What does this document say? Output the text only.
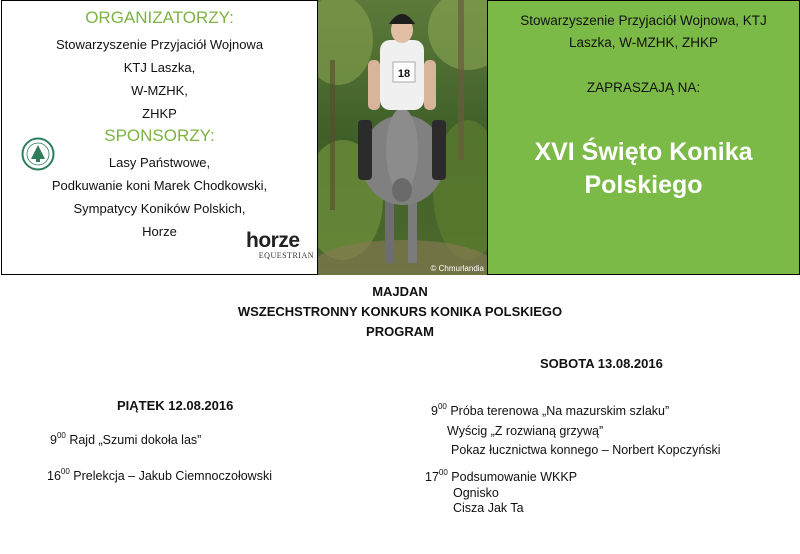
ORGANIZATORZY:
Stowarzyszenie Przyjaciół Wojnowa
KTJ Laszka,
W-MZHK,
ZHKP
SPONSORZY:
Lasy Państwowe,
Podkuwanie koni Marek Chodkowski,
Sympatycy Koników Polskich,
Horze	horze
EQUESTRIAN
18
© Chmurlandia
Stowarzyszenie Przyjaciół Wojnowa, KTJ
Laszka, W-MZHK, ZHKP
ZAPRASZAJĄ NA:
XVI Święto Konika
Polskiego
MAJDAN
WSZECHSTRONNY KONKURS KONIKA POLSKIEGO
PROGRAM
PIĄTEK 12.08.2016
$9^{00}$ Rajd „Szumi dokoła las”
$16^{00}$ Prelekcja – Jakub Ciemnoczołowski
SOBOTA 13.08.2016
$9^{00}$ Próba terenowa „Na mazurskim szlaku”
Wyścig „Z rozwianą grzywą”
Pokaz łucznictwa konnego – Norbert Kopczyński
$17^{00}$ Podsumowanie WKKP
Ognisko
Cisza Jak Ta
